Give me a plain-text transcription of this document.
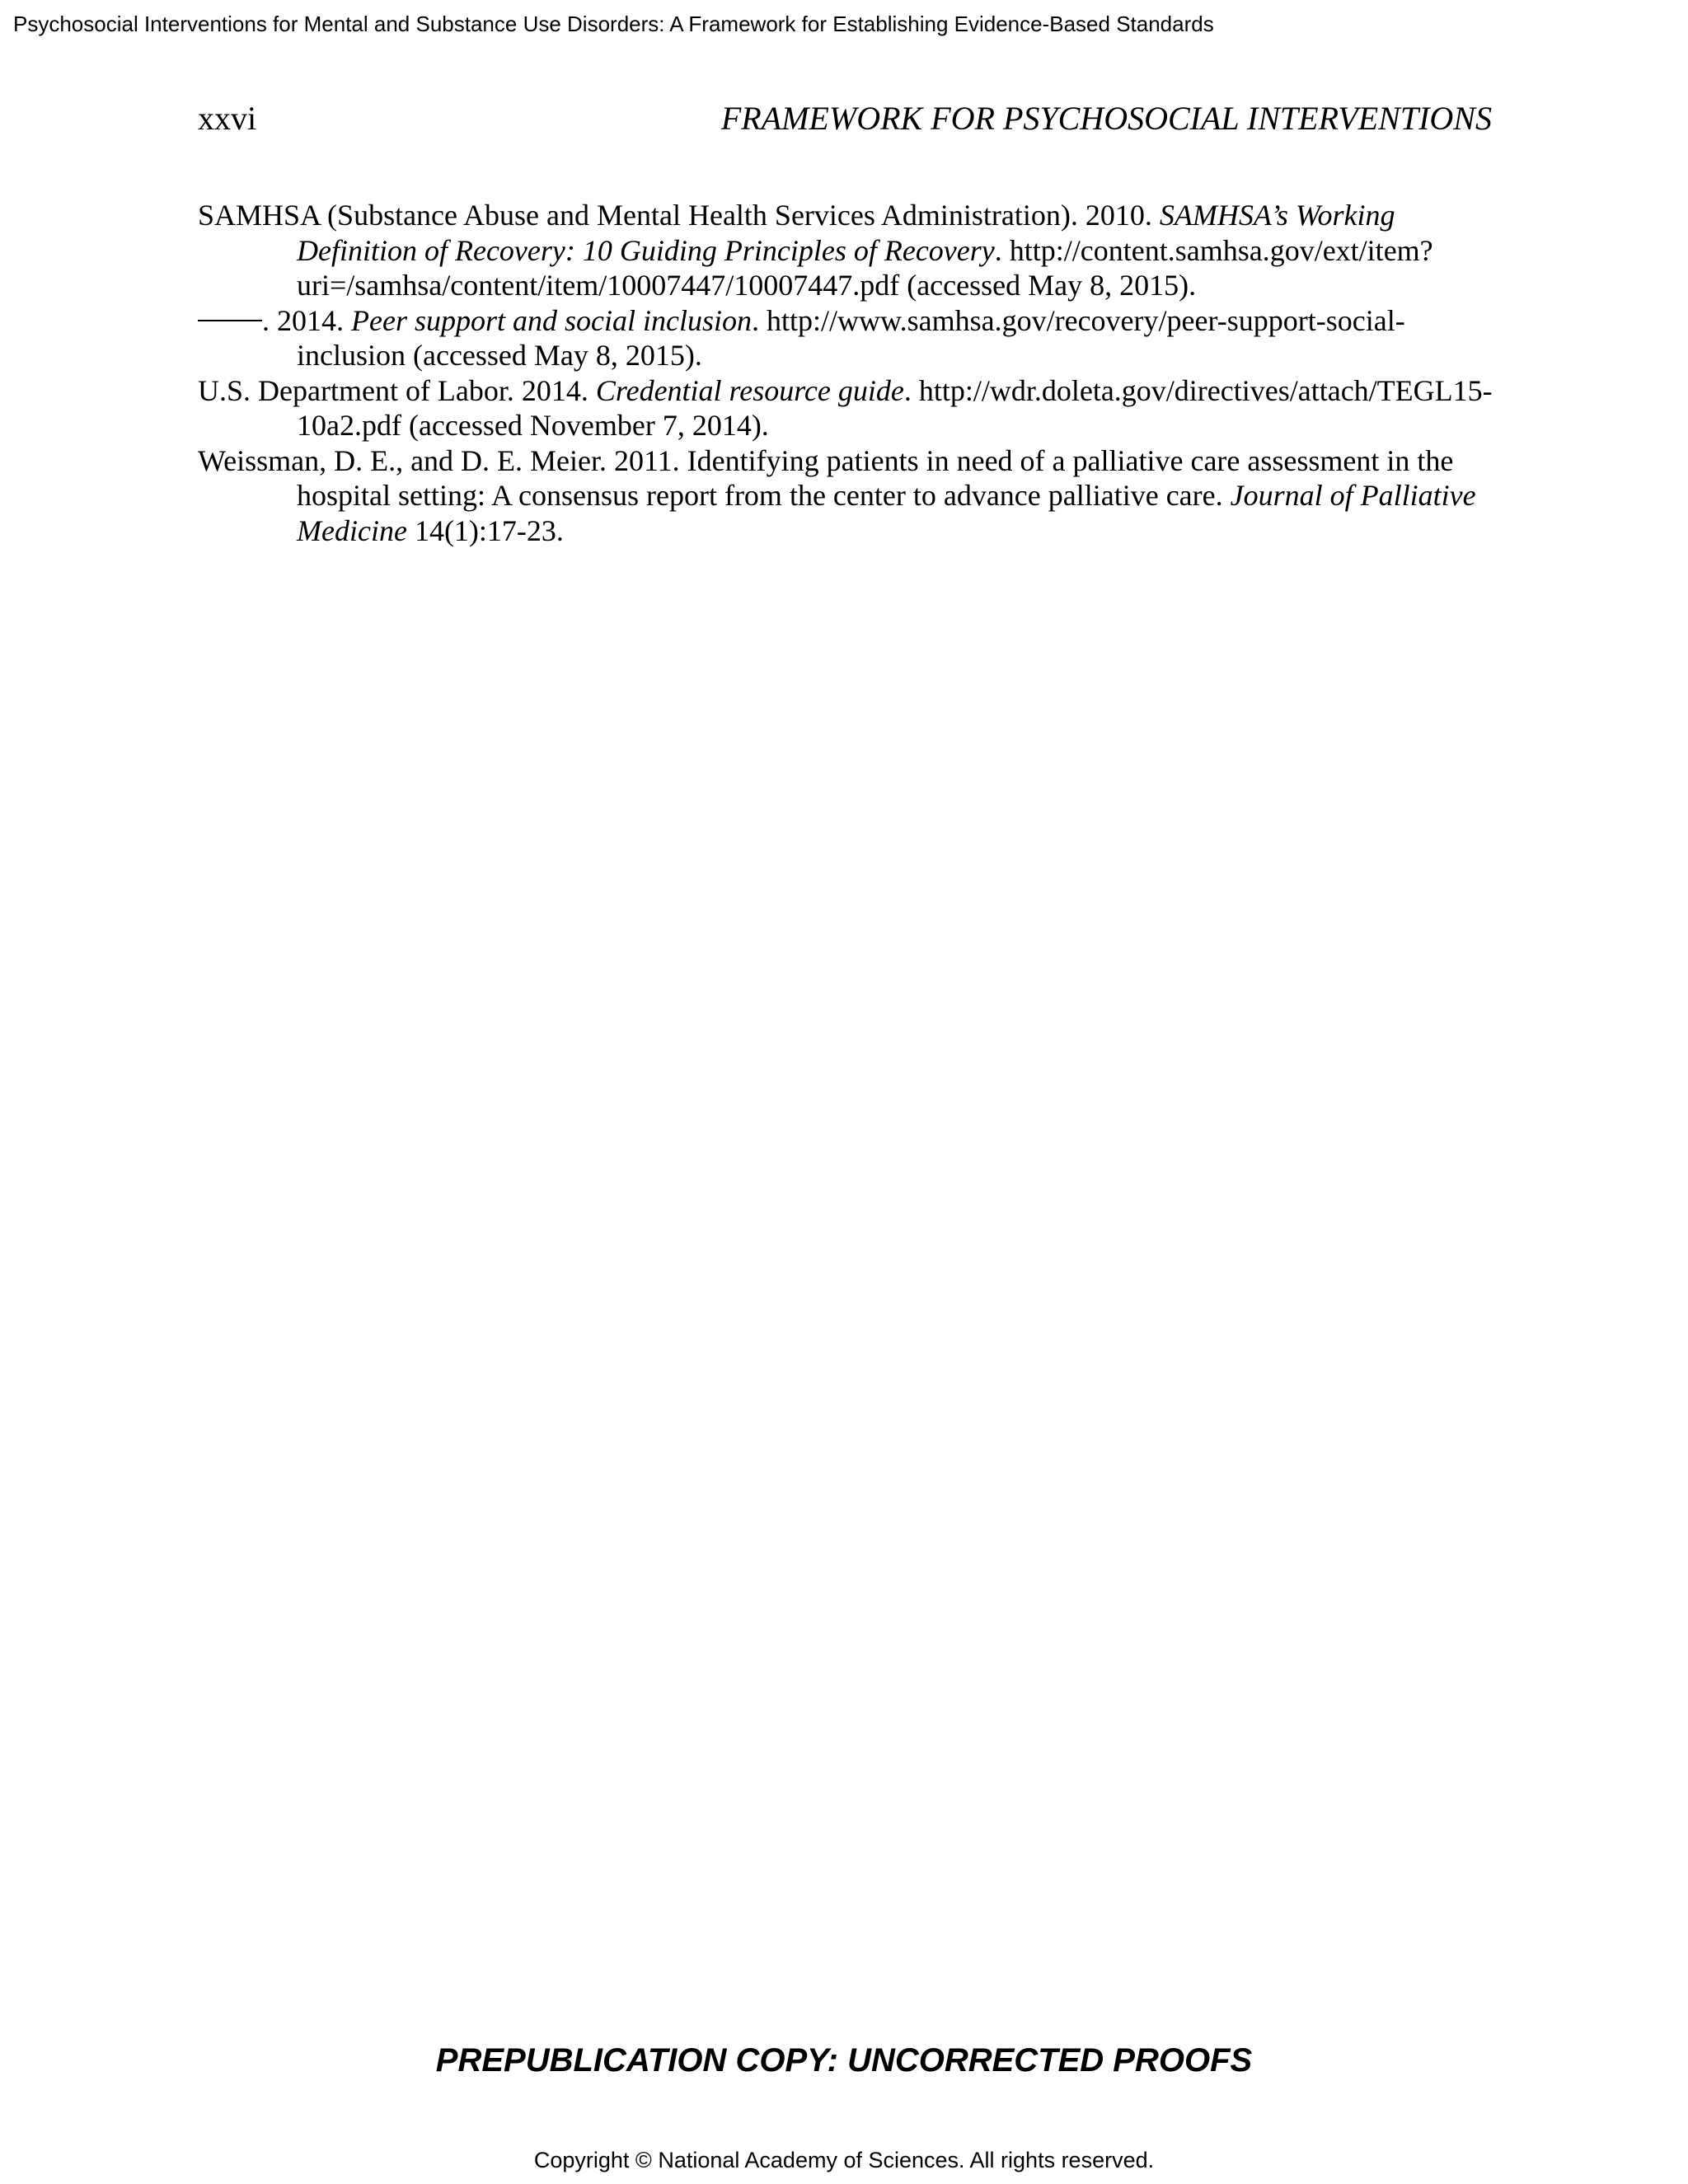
Psychosocial Interventions for Mental and Substance Use Disorders: A Framework for Establishing Evidence-Based Standards
xxvi	FRAMEWORK FOR PSYCHOSOCIAL INTERVENTIONS

SAMHSA (Substance Abuse and Mental Health Services Administration). 2010. SAMHSA’s Working Definition of Recovery: 10 Guiding Principles of Recovery. http://content.samhsa.gov/ext/item?uri=/samhsa/content/item/10007447/10007447.pdf (accessed May 8, 2015).

. 2014. Peer support and social inclusion. http://www.samhsa.gov/recovery/peer-support-social-inclusion (accessed May 8, 2015).

U.S. Department of Labor. 2014. Credential resource guide. http://wdr.doleta.gov/directives/attach/TEGL15-10a2.pdf (accessed November 7, 2014).

Weissman, D. E., and D. E. Meier. 2011. Identifying patients in need of a palliative care assessment in the hospital setting: A consensus report from the center to advance palliative care. Journal of Palliative Medicine 14(1):17-23.

PREPUBLICATION COPY: UNCORRECTED PROOFS
Copyright © National Academy of Sciences. All rights reserved.
